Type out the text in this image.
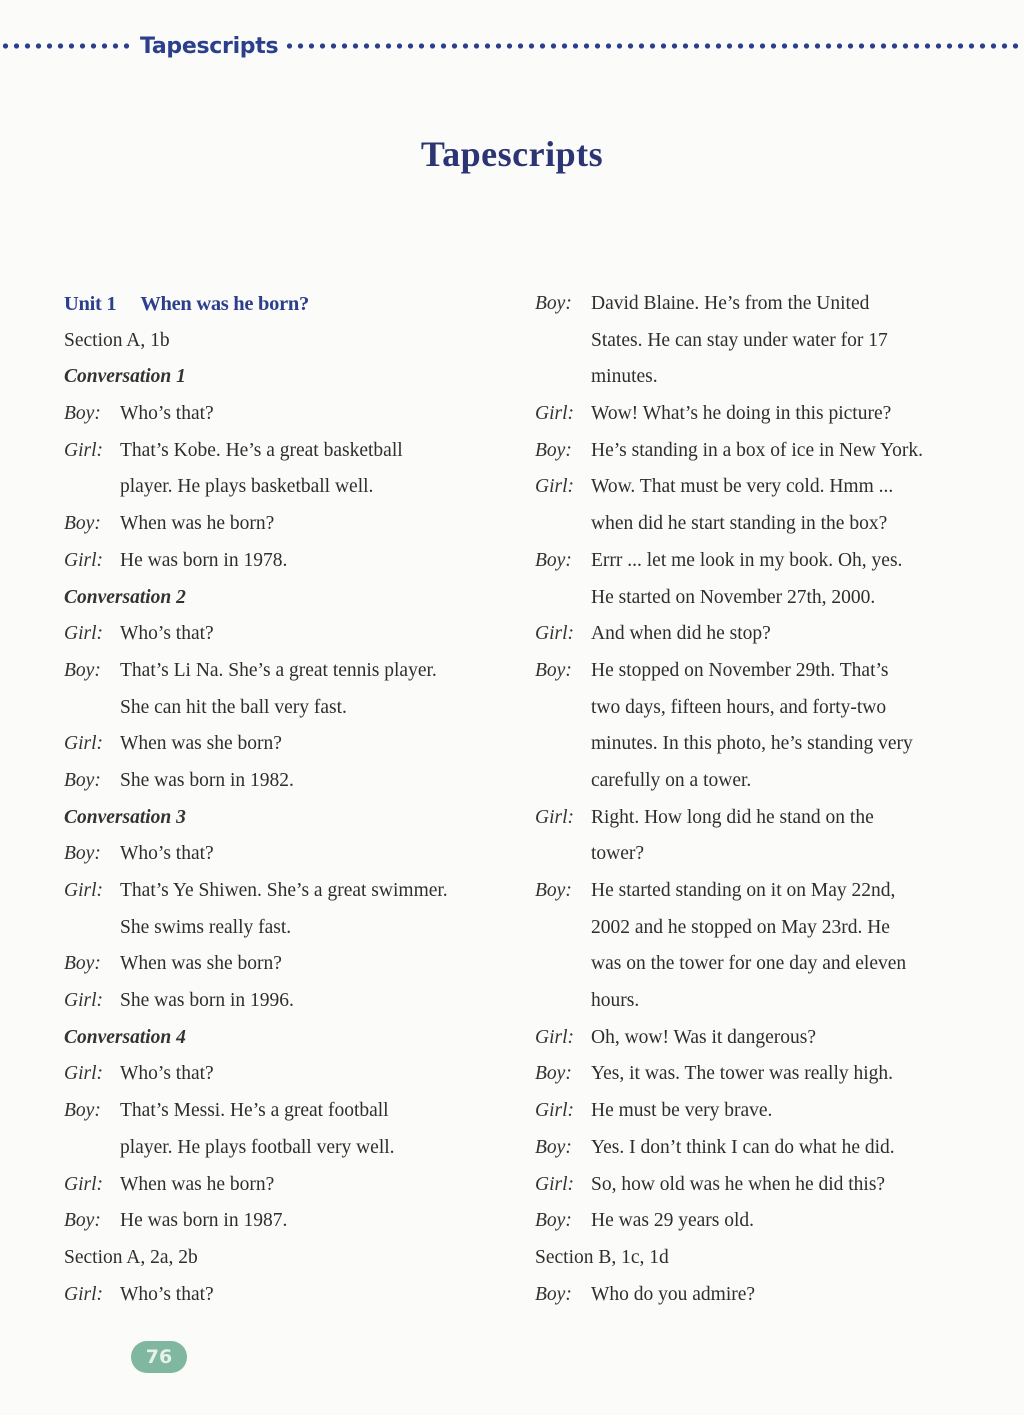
Tapescripts
Tapescripts
Unit 1 When was he born?
Section A, 1b
Conversation 1
Boy: Who’s that?
Girl: That’s Kobe. He’s a great basketball
player. He plays basketball well.
Boy: When was he born?
Girl: He was born in 1978.
Conversation 2
Girl: Who’s that?
Boy: That’s Li Na. She’s a great tennis player.
She can hit the ball very fast.
Girl: When was she born?
Boy: She was born in 1982.
Conversation 3
Boy: Who’s that?
Girl: That’s Ye Shiwen. She’s a great swimmer.
She swims really fast.
Boy: When was she born?
Girl: She was born in 1996.
Conversation 4
Girl: Who’s that?
Boy: That’s Messi. He’s a great football
player. He plays football very well.
Girl: When was he born?
Boy: He was born in 1987.
Section A, 2a, 2b
Girl: Who’s that?
Boy: David Blaine. He’s from the United
States. He can stay under water for 17
minutes.
Girl: Wow! What’s he doing in this picture?
Boy: He’s standing in a box of ice in New York.
Girl: Wow. That must be very cold. Hmm ...
when did he start standing in the box?
Boy: Errr ... let me look in my book. Oh, yes.
He started on November 27th, 2000.
Girl: And when did he stop?
Boy: He stopped on November 29th. That’s
two days, fifteen hours, and forty-two
minutes. In this photo, he’s standing very
carefully on a tower.
Girl: Right. How long did he stand on the
tower?
Boy: He started standing on it on May 22nd,
2002 and he stopped on May 23rd. He
was on the tower for one day and eleven
hours.
Girl: Oh, wow! Was it dangerous?
Boy: Yes, it was. The tower was really high.
Girl: He must be very brave.
Boy: Yes. I don’t think I can do what he did.
Girl: So, how old was he when he did this?
Boy: He was 29 years old.
Section B, 1c, 1d
Boy: Who do you admire?
76
